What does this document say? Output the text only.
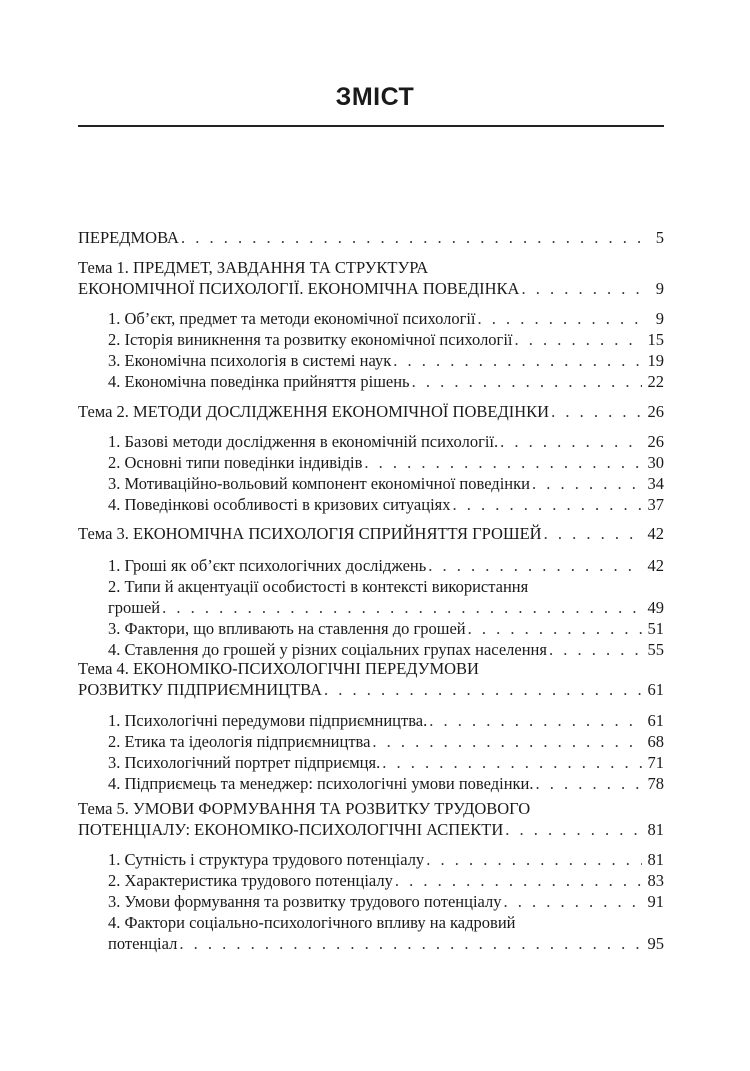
ЗМІСТ
ПЕРЕДМОВА . . .	5
Тема 1. ПРЕДМЕТ, ЗАВДАННЯ ТА СТРУКТУРА
ЕКОНОМІЧНОЇ ПСИХОЛОГІЇ. ЕКОНОМІЧНА ПОВЕДІНКА . . .	9
1. Об’єкт, предмет та методи економічної психології . . .	9
2. Історія виникнення та розвитку економічної психології . . .	15
3. Економічна психологія в системі наук . . .	19
4. Економічна поведінка прийняття рішень . . .	22
Тема 2. МЕТОДИ ДОСЛІДЖЕННЯ ЕКОНОМІЧНОЇ ПОВЕДІНКИ . . .	26
1. Базові методи дослідження в економічній психології. . . .	26
2. Основні типи поведінки індивідів . . .	30
3. Мотиваційно-вольовий компонент економічної поведінки . . .	34
4. Поведінкові особливості в кризових ситуаціях . . .	37
Тема 3. ЕКОНОМІЧНА ПСИХОЛОГІЯ СПРИЙНЯТТЯ ГРОШЕЙ . . .	42
1. Гроші як об’єкт психологічних досліджень . . .	42
2. Типи й акцентуації особистості в контексті використання
грошей . . .	49
3. Фактори, що впливають на ставлення до грошей . . .	51
4. Ставлення до грошей у різних соціальних групах населення . . .	55
Тема 4. ЕКОНОМІКО-ПСИХОЛОГІЧНІ ПЕРЕДУМОВИ
РОЗВИТКУ ПІДПРИЄМНИЦТВА . . .	61
1. Психологічні передумови підприємництва. . . .	61
2. Етика та ідеологія підприємництва . . .	68
3. Психологічний портрет підприємця. . . .	71
4. Підприємець та менеджер: психологічні умови поведінки. . . .	78
Тема 5. УМОВИ ФОРМУВАННЯ ТА РОЗВИТКУ ТРУДОВОГО
ПОТЕНЦІАЛУ: ЕКОНОМІКО-ПСИХОЛОГІЧНІ АСПЕКТИ . . .	81
1. Сутність і структура трудового потенціалу . . .	81
2. Характеристика трудового потенціалу . . .	83
3. Умови формування та розвитку трудового потенціалу . . .	91
4. Фактори соціально-психологічного впливу на кадровий
потенціал . . .	95
